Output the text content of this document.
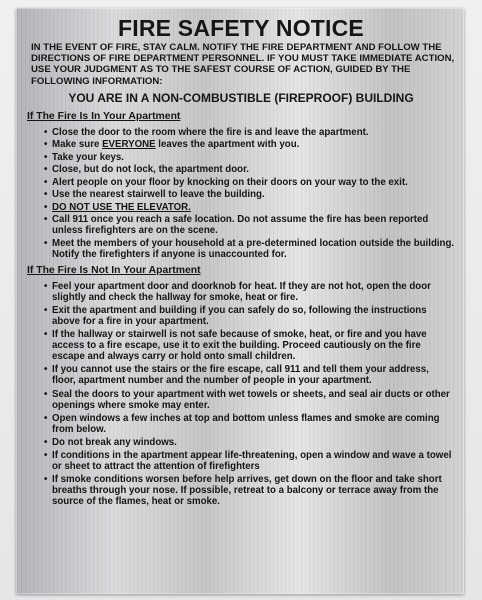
FIRE SAFETY NOTICE
IN THE EVENT OF FIRE, STAY CALM. NOTIFY THE FIRE DEPARTMENT AND FOLLOW THE DIRECTIONS OF FIRE DEPARTMENT PERSONNEL. IF YOU MUST TAKE IMMEDIATE ACTION, USE YOUR JUDGMENT AS TO THE SAFEST COURSE OF ACTION, GUIDED BY THE FOLLOWING INFORMATION:
YOU ARE IN A NON-COMBUSTIBLE (FIREPROOF) BUILDING
If The Fire Is In Your Apartment
• Close the door to the room where the fire is and leave the apartment.
• Make sure EVERYONE leaves the apartment with you.
• Take your keys.
• Close, but do not lock, the apartment door.
• Alert people on your floor by knocking on their doors on your way to the exit.
• Use the nearest stairwell to leave the building.
• DO NOT USE THE ELEVATOR.
• Call 911 once you reach a safe location. Do not assume the fire has been reported unless firefighters are on the scene.
• Meet the members of your household at a pre-determined location outside the building. Notify the firefighters if anyone is unaccounted for.
If The Fire Is Not In Your Apartment
• Feel your apartment door and doorknob for heat. If they are not hot, open the door slightly and check the hallway for smoke, heat or fire.
• Exit the apartment and building if you can safely do so, following the instructions above for a fire in your apartment.
• If the hallway or stairwell is not safe because of smoke, heat, or fire and you have access to a fire escape, use it to exit the building. Proceed cautiously on the fire escape and always carry or hold onto small children.
• If you cannot use the stairs or the fire escape, call 911 and tell them your address, floor, apartment number and the number of people in your apartment.
• Seal the doors to your apartment with wet towels or sheets, and seal air ducts or other openings where smoke may enter.
• Open windows a few inches at top and bottom unless flames and smoke are coming from below.
• Do not break any windows.
• If conditions in the apartment appear life-threatening, open a window and wave a towel or sheet to attract the attention of firefighters
• If smoke conditions worsen before help arrives, get down on the floor and take short breaths through your nose. If possible, retreat to a balcony or terrace away from the source of the flames, heat or smoke.
